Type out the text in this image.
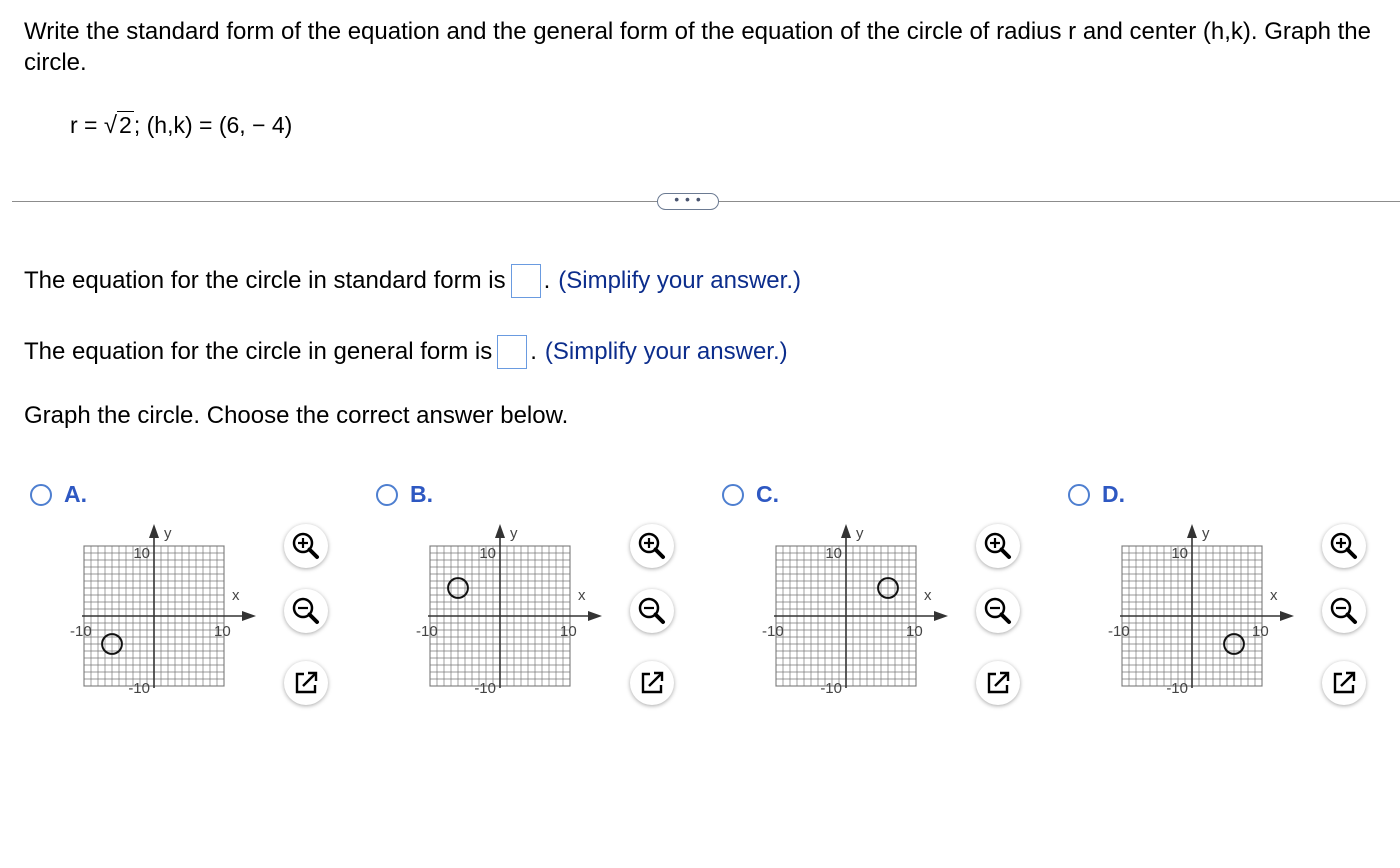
Write the standard form of the equation and the general form of the equation of the circle of radius r and center (h,k). Graph the circle.
r = √2; (h,k) = (6, − 4)
• • •
The equation for the circle in standard form is . (Simplify your answer.)
The equation for the circle in general form is . (Simplify your answer.)
Graph the circle. Choose the correct answer below.
A.
y
x
10
-10
-10	10
B.
y
x
10
-10
-10	10
C.
y
x
10
-10
-10	10
D.
y
x
10
-10
-10	10
